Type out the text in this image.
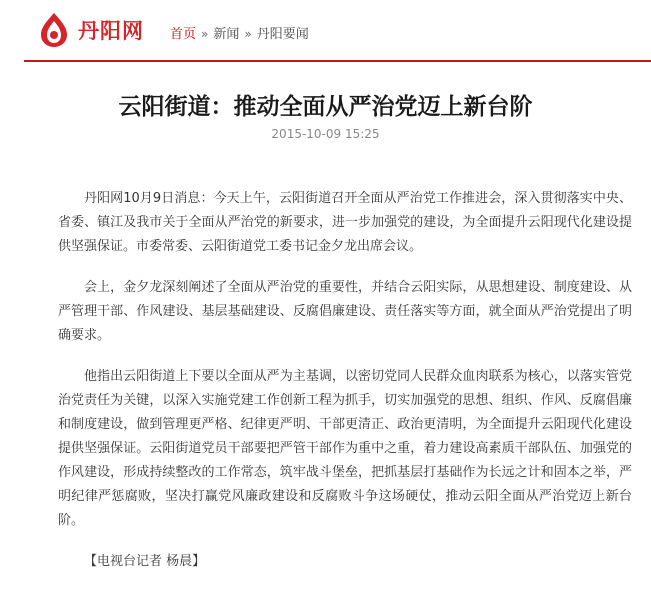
丹阳网 首页 » 新闻 » 丹阳要闻
云阳街道：推动全面从严治党迈上新台阶
2015-10-09 15:25

丹阳网10月9日消息：今天上午，云阳街道召开全面从严治党工作推进会，深入贯彻落实中央、省委、镇江及我市关于全面从严治党的新要求，进一步加强党的建设，为全面提升云阳现代化建设提供坚强保证。市委常委、云阳街道党工委书记金夕龙出席会议。

会上，金夕龙深刻阐述了全面从严治党的重要性，并结合云阳实际，从思想建设、制度建设、从严管理干部、作风建设、基层基础建设、反腐倡廉建设、责任落实等方面，就全面从严治党提出了明确要求。

他指出云阳街道上下要以全面从严为主基调，以密切党同人民群众血肉联系为核心，以落实管党治党责任为关键，以深入实施党建工作创新工程为抓手，切实加强党的思想、组织、作风、反腐倡廉和制度建设，做到管理更严格、纪律更严明、干部更清正、政治更清明，为全面提升云阳现代化建设提供坚强保证。云阳街道党员干部要把严管干部作为重中之重，着力建设高素质干部队伍、加强党的作风建设，形成持续整改的工作常态，筑牢战斗堡垒，把抓基层打基础作为长远之计和固本之举，严明纪律严惩腐败，坚决打赢党风廉政建设和反腐败斗争这场硬仗，推动云阳全面从严治党迈上新台阶。

【电视台记者 杨晨】
